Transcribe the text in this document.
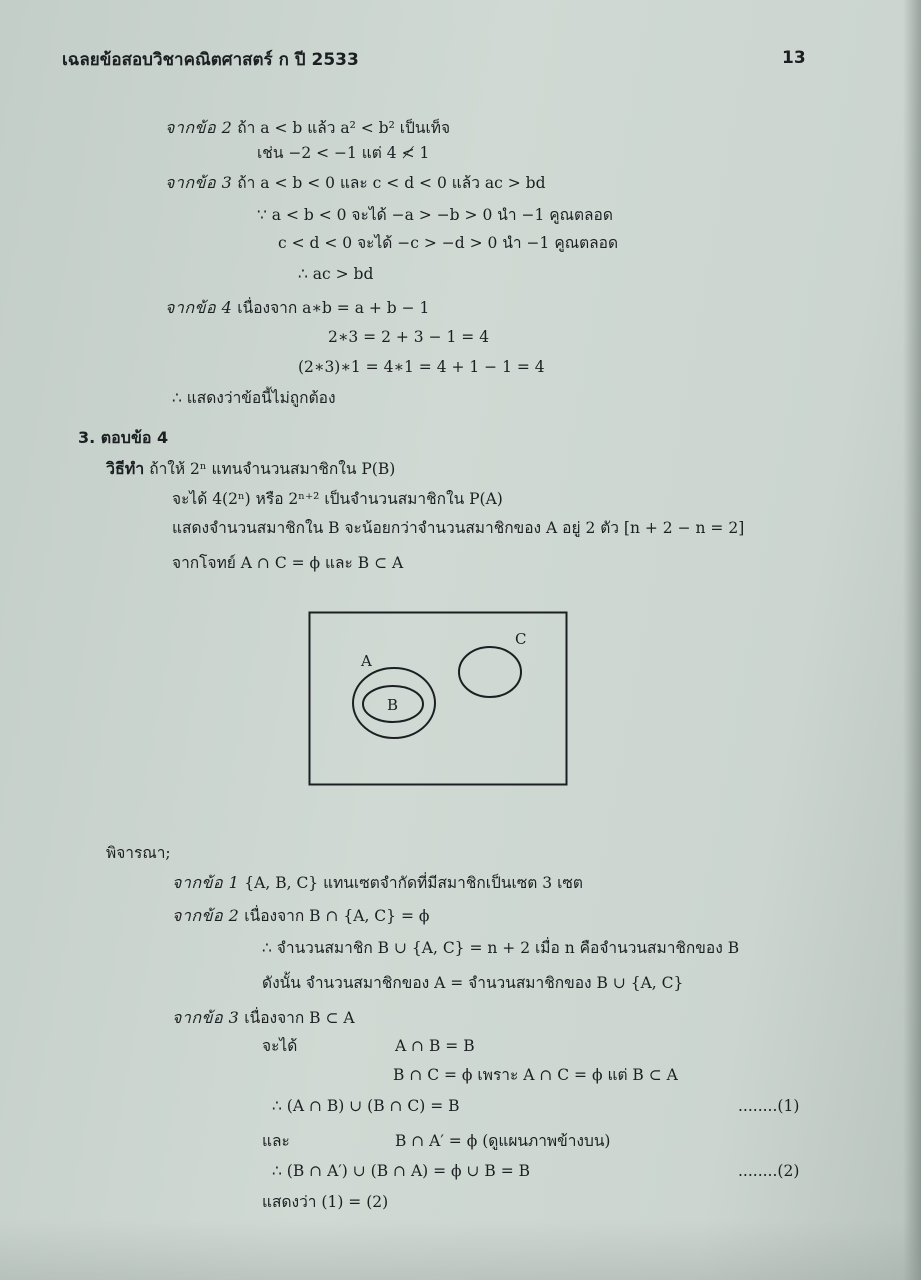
เฉลยข้อสอบวิชาคณิตศาสตร์ ก ปี 2533	13
จากข้อ 2 ถ้า a < b แล้ว a² < b² เป็นเท็จ
เช่น −2 < −1 แต่ 4 ≮ 1
จากข้อ 3 ถ้า a < b < 0 และ c < d < 0 แล้ว ac > bd
∵ a < b < 0 จะได้ −a > −b > 0 นำ −1 คูณตลอด
c < d < 0 จะได้ −c > −d > 0 นำ −1 คูณตลอด
∴ ac > bd
จากข้อ 4 เนื่องจาก a∗b = a + b − 1
2∗3 = 2 + 3 − 1 = 4
(2∗3)∗1 = 4∗1 = 4 + 1 − 1 = 4
∴ แสดงว่าข้อนี้ไม่ถูกต้อง
3. ตอบข้อ 4
วิธีทำ ถ้าให้ 2ⁿ แทนจำนวนสมาชิกใน P(B)
จะได้ 4(2ⁿ) หรือ 2ⁿ⁺² เป็นจำนวนสมาชิกใน P(A)
แสดงจำนวนสมาชิกใน B จะน้อยกว่าจำนวนสมาชิกของ A อยู่ 2 ตัว [n + 2 − n = 2]
จากโจทย์ A ∩ C = ϕ และ B ⊂ A
A
B
C
พิจารณา;
จากข้อ 1 {A, B, C} แทนเซตจำกัดที่มีสมาชิกเป็นเซต 3 เซต
จากข้อ 2 เนื่องจาก B ∩ {A, C} = ϕ
∴ จำนวนสมาชิก B ∪ {A, C} = n + 2 เมื่อ n คือจำนวนสมาชิกของ B
ดังนั้น จำนวนสมาชิกของ A = จำนวนสมาชิกของ B ∪ {A, C}
จากข้อ 3 เนื่องจาก B ⊂ A
จะได้	A ∩ B = B
B ∩ C = ϕ เพราะ A ∩ C = ϕ แต่ B ⊂ A
∴ (A ∩ B) ∪ (B ∩ C) = B	........(1)
และ	B ∩ A′ = ϕ (ดูแผนภาพข้างบน)
∴ (B ∩ A′) ∪ (B ∩ A) = ϕ ∪ B = B	........(2)
แสดงว่า (1) = (2)
